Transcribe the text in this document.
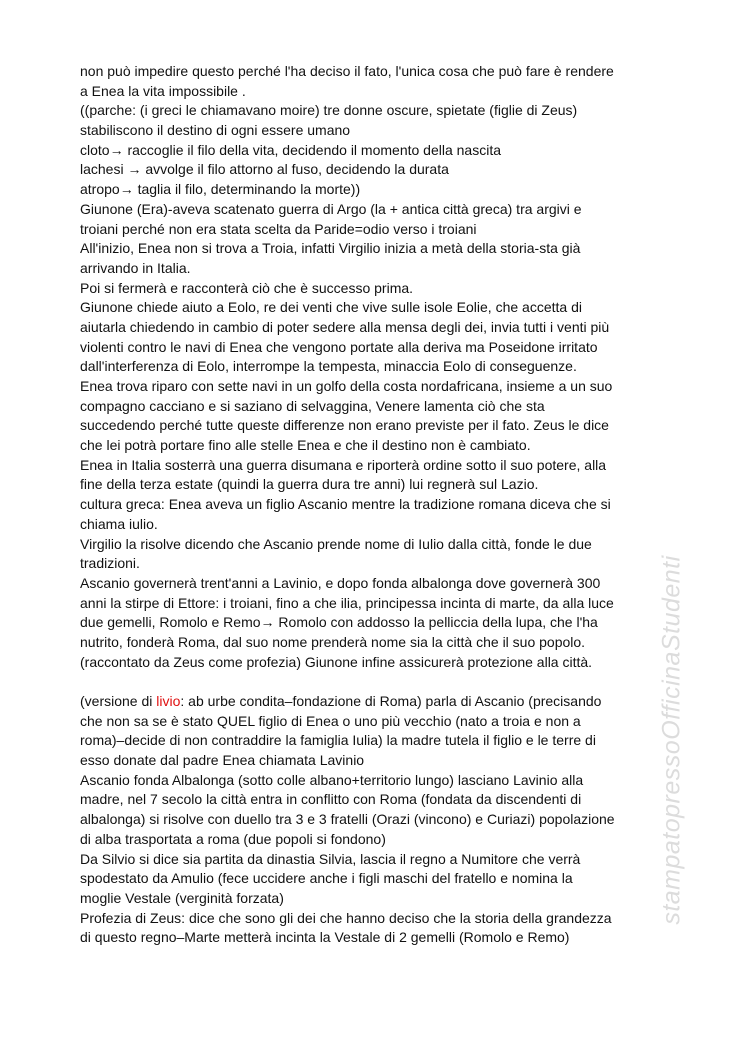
stampatopressoOfficinaStudenti
non può impedire questo perché l'ha deciso il fato, l'unica cosa che può fare è rendere
a Enea la vita impossibile .
((parche: (i greci le chiamavano moire) tre donne oscure, spietate (figlie di Zeus)
stabiliscono il destino di ogni essere umano
cloto→ raccoglie il filo della vita, decidendo il momento della nascita
lachesi → avvolge il filo attorno al fuso, decidendo la durata
atropo→ taglia il filo, determinando la morte))
Giunone (Era)-aveva scatenato guerra di Argo (la + antica città greca) tra argivi e
troiani perché non era stata scelta da Paride=odio verso i troiani
All'inizio, Enea non si trova a Troia, infatti Virgilio inizia a metà della storia-sta già
arrivando in Italia.
Poi si fermerà e racconterà ciò che è successo prima.
Giunone chiede aiuto a Eolo, re dei venti che vive sulle isole Eolie, che accetta di
aiutarla chiedendo in cambio di poter sedere alla mensa degli dei, invia tutti i venti più
violenti contro le navi di Enea che vengono portate alla deriva ma Poseidone irritato
dall'interferenza di Eolo, interrompe la tempesta, minaccia Eolo di conseguenze.
Enea trova riparo con sette navi in un golfo della costa nordafricana, insieme a un suo
compagno cacciano e si saziano di selvaggina, Venere lamenta ciò che sta
succedendo perché tutte queste differenze non erano previste per il fato. Zeus le dice
che lei potrà portare fino alle stelle Enea e che il destino non è cambiato.
Enea in Italia sosterrà una guerra disumana e riporterà ordine sotto il suo potere, alla
fine della terza estate (quindi la guerra dura tre anni) lui regnerà sul Lazio.
cultura greca: Enea aveva un figlio Ascanio mentre la tradizione romana diceva che si
chiama iulio.
Virgilio la risolve dicendo che Ascanio prende nome di Iulio dalla città, fonde le due
tradizioni.
Ascanio governerà trent'anni a Lavinio, e dopo fonda albalonga dove governerà 300
anni la stirpe di Ettore: i troiani, fino a che ilia, principessa incinta di marte, da alla luce
due gemelli, Romolo e Remo→ Romolo con addosso la pelliccia della lupa, che l'ha
nutrito, fonderà Roma, dal suo nome prenderà nome sia la città che il suo popolo.
(raccontato da Zeus come profezia) Giunone infine assicurerà protezione alla città.
(versione di livio: ab urbe condita–fondazione di Roma) parla di Ascanio (precisando
che non sa se è stato QUEL figlio di Enea o uno più vecchio (nato a troia e non a
roma)–decide di non contraddire la famiglia Iulia) la madre tutela il figlio e le terre di
esso donate dal padre Enea chiamata Lavinio
Ascanio fonda Albalonga (sotto colle albano+territorio lungo) lasciano Lavinio alla
madre, nel 7 secolo la città entra in conflitto con Roma (fondata da discendenti di
albalonga) si risolve con duello tra 3 e 3 fratelli (Orazi (vincono) e Curiazi) popolazione
di alba trasportata a roma (due popoli si fondono)
Da Silvio si dice sia partita da dinastia Silvia, lascia il regno a Numitore che verrà
spodestato da Amulio (fece uccidere anche i figli maschi del fratello e nomina la
moglie Vestale (verginità forzata)
Profezia di Zeus: dice che sono gli dei che hanno deciso che la storia della grandezza
di questo regno–Marte metterà incinta la Vestale di 2 gemelli (Romolo e Remo)
